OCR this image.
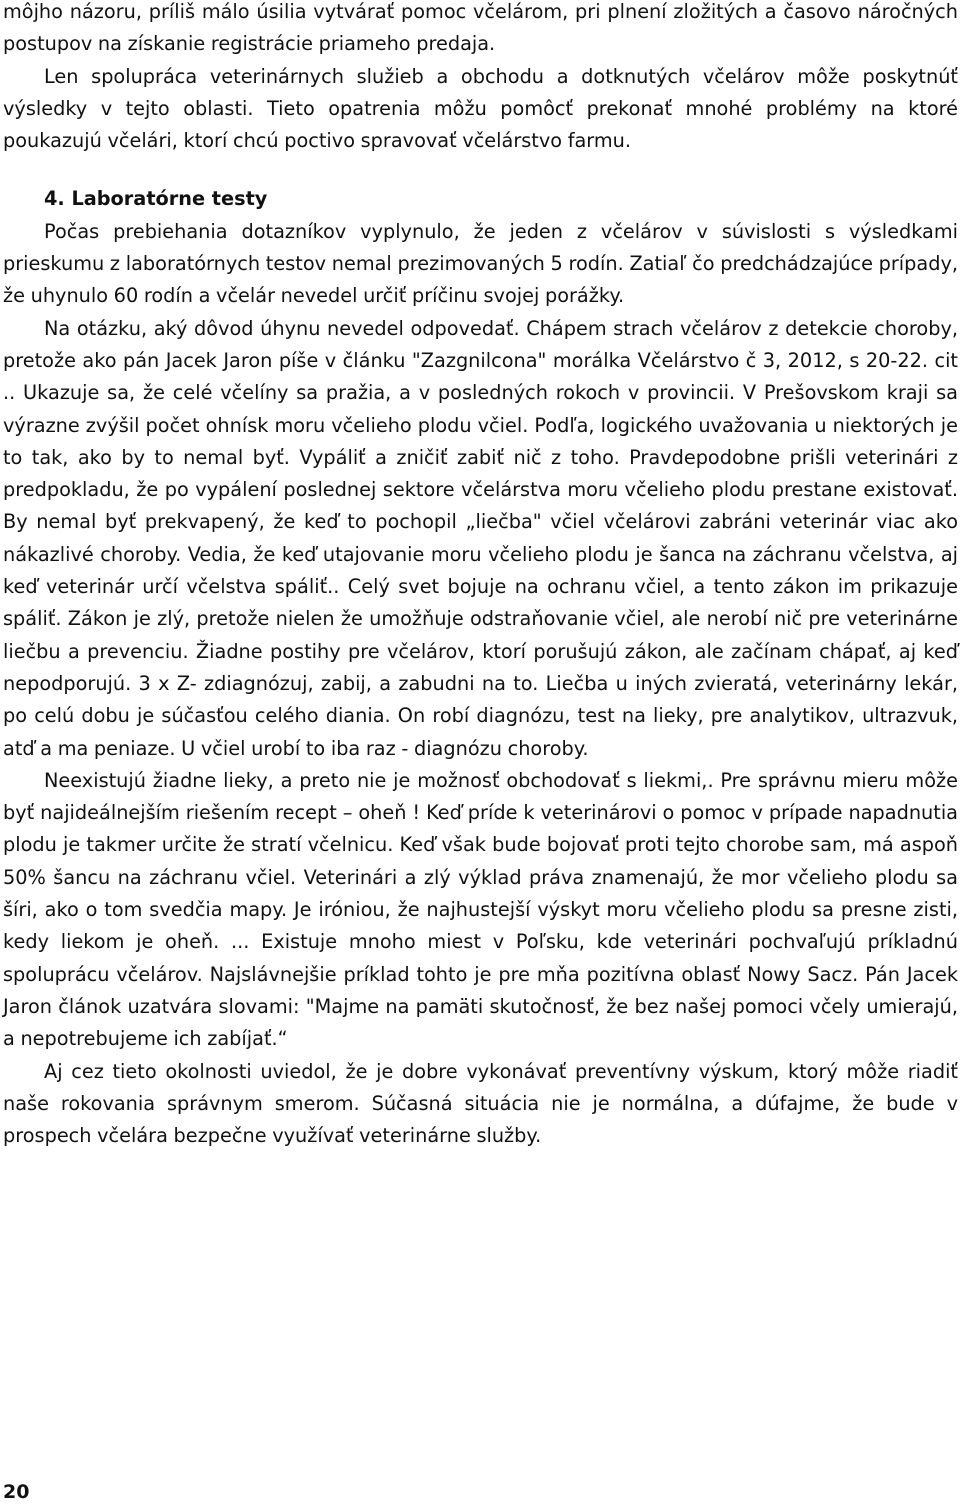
môjho názoru, príliš málo úsilia vytvárať pomoc včelárom, pri plnení zložitých a časovo náročných postupov na získanie registrácie priameho predaja.

Len spolupráca veterinárnych služieb a obchodu a dotknutých včelárov môže poskytnúť výsledky v tejto oblasti. Tieto opatrenia môžu pomôcť prekonať mnohé problémy na ktoré poukazujú včelári, ktorí chcú poctivo spravovať včelárstvo farmu.

4. Laboratórne testy

Počas prebiehania dotazníkov vyplynulo, že jeden z včelárov v súvislosti s výsledkami prieskumu z laboratórnych testov nemal prezimovaných 5 rodín. Zatiaľ čo predchádzajúce prípady, že uhynulo 60 rodín a včelár nevedel určiť príčinu svojej porážky.

Na otázku, aký dôvod úhynu nevedel odpovedať. Chápem strach včelárov z detekcie choroby, pretože ako pán Jacek Jaron píše v článku "Zazgnilcona" morálka Včelárstvo č 3, 2012, s 20-22. cit .. Ukazuje sa, že celé včelíny sa pražia, a v posledných rokoch v provincii. V Prešovskom kraji sa výrazne zvýšil počet ohnísk moru včelieho plodu včiel. Podľa, logického uvažovania u niektorých je to tak, ako by to nemal byť. Vypáliť a zničiť zabiť nič z toho. Pravdepodobne prišli veterinári z predpokladu, že po vypálení poslednej sektore včelárstva moru včelieho plodu prestane existovať. By nemal byť prekvapený, že keď to pochopil „liečba" včiel včelárovi zabráni veterinár viac ako nákazlivé choroby. Vedia, že keď utajovanie moru včelieho plodu je šanca na záchranu včelstva, aj keď veterinár určí včelstva spáliť.. Celý svet bojuje na ochranu včiel, a tento zákon im prikazuje spáliť. Zákon je zlý, pretože nielen že umožňuje odstraňovanie včiel, ale nerobí nič pre veterinárne liečbu a prevenciu. Žiadne postihy pre včelárov, ktorí porušujú zákon, ale začínam chápať, aj keď nepodporujú. 3 x Z- zdiagnózuj, zabij, a zabudni na to. Liečba u iných zvieratá, veterinárny lekár, po celú dobu je súčasťou celého diania. On robí diagnózu, test na lieky, pre analytikov, ultrazvuk, atď a ma peniaze. U včiel urobí to iba raz - diagnózu choroby.

Neexistujú žiadne lieky, a preto nie je možnosť obchodovať s liekmi,. Pre správnu mieru môže byť najideálnejším riešením recept – oheň ! Keď príde k veterinárovi o pomoc v prípade napadnutia plodu je takmer určite že stratí včelnicu. Keď však bude bojovať proti tejto chorobe sam, má aspoň 50% šancu na záchranu včiel. Veterinári a zlý výklad práva znamenajú, že mor včelieho plodu sa šíri, ako o tom svedčia mapy. Je iróniou, že najhustejší výskyt moru včelieho plodu sa presne zisti, kedy liekom je oheň. ... Existuje mnoho miest v Poľsku, kde veterinári pochvaľujú príkladnú spoluprácu včelárov. Najslávnejšie príklad tohto je pre mňa pozitívna oblasť Nowy Sacz. Pán Jacek Jaron článok uzatvára slovami: "Majme na pamäti skutočnosť, že bez našej pomoci včely umierajú, a nepotrebujeme ich zabíjať.“

Aj cez tieto okolnosti uviedol, že je dobre vykonávať preventívny výskum, ktorý môže riadiť naše rokovania správnym smerom. Súčasná situácia nie je normálna, a dúfajme, že bude v prospech včelára bezpečne využívať veterinárne služby.

20
